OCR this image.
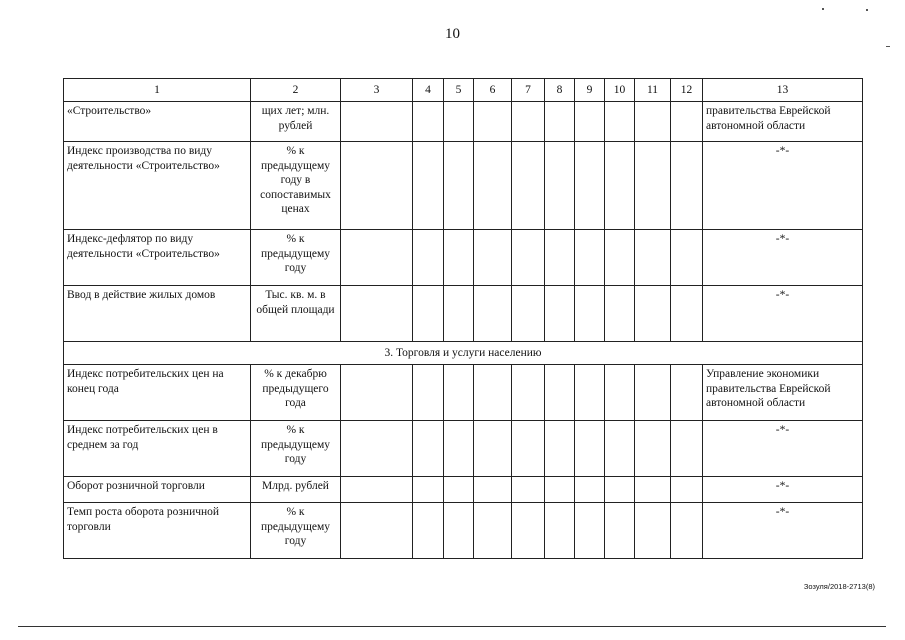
10
1	2	3	4	5	6	7	8	9	10	11	12	13
«Строительство»	щих лет; млн. рублей											правительства Еврейской автономной области
Индекс производства по виду деятельности «Строительство»	% к предыдущему году в сопоставимых ценах											-*-
Индекс-дефлятор по виду деятельности «Строительство»	% к предыдущему году											-*-
Ввод в действие жилых домов	Тыс. кв. м. в общей площади											-*-
3. Торговля и услуги населению												
Индекс потребительских цен на конец года	% к декабрю предыдущего года											Управление экономики правительства Еврейской автономной области
Индекс потребительских цен в среднем за год	% к предыдущему году											-*-
Оборот розничной торговли	Млрд. рублей											-*-
Темп роста оборота розничной торговли	% к предыдущему году											-*-
Зозуля/2018-2713(8)
